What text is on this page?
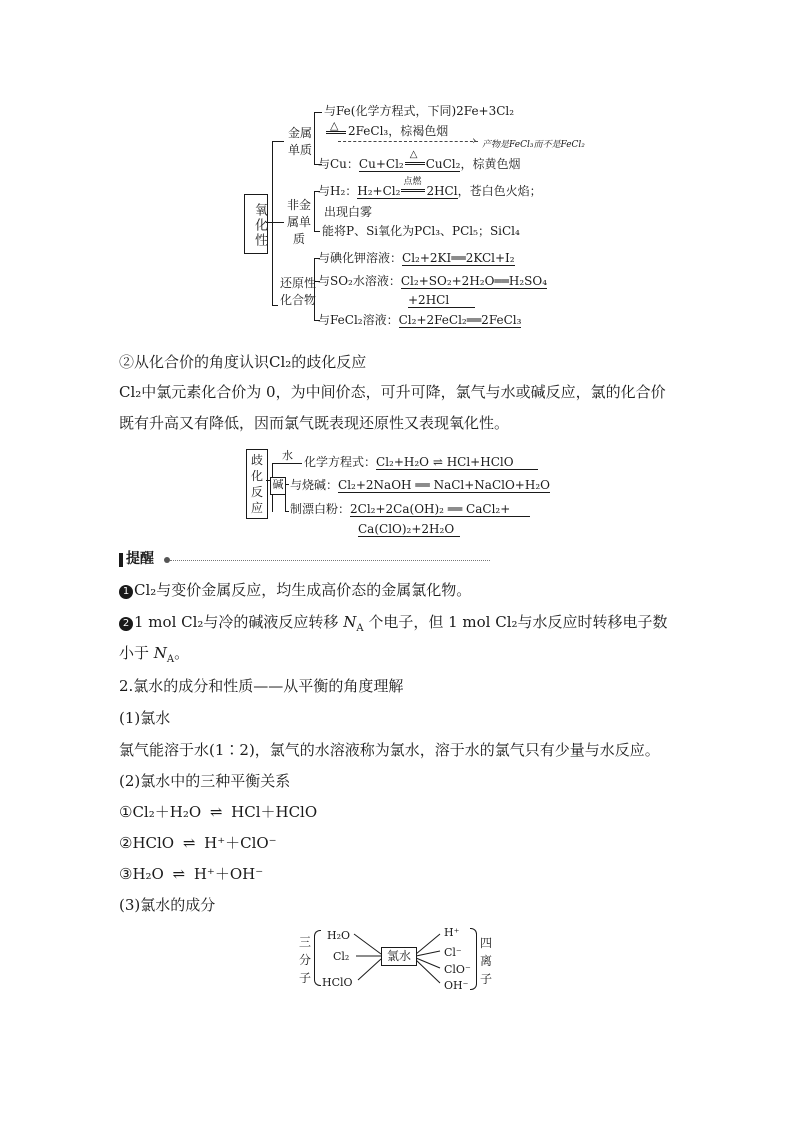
氧化性
金属单质
与Fe(化学方程式，下同)2Fe+3Cl₂
△ 2FeCl₃，棕褐色烟
› 产物是FeCl₃而不是FeCl₂
与Cu：Cu+Cl₂
△
CuCl₂，棕黄色烟
非金属单质
与H₂：H₂+Cl₂
点燃
2HCl，苍白色火焰；
出现白雾
能将P、Si氧化为PCl₃、PCl₅；SiCl₄
还原性化合物
与碘化钾溶液：Cl₂+2KI══2KCl+I₂
与SO₂水溶液：Cl₂+SO₂+2H₂O══H₂SO₄
+2HCl
与FeCl₂溶液：Cl₂+2FeCl₂══2FeCl₃
②从化合价的角度认识Cl₂的歧化反应
Cl₂中氯元素化合价为 0，为中间价态，可升可降，氯气与水或碱反应，氯的化合价既有升高又有降低，因而氯气既表现还原性又表现氧化性。
歧化反应
水
碱
化学方程式：Cl₂+H₂O ⇌ HCl+HClO
与烧碱：Cl₂+2NaOH ══ NaCl+NaClO+H₂O
制漂白粉：2Cl₂+2Ca(OH)₂ ══ CaCl₂+
Ca(ClO)₂+2H₂O
提醒
1 Cl₂与变价金属反应，均生成高价态的金属氯化物。
2 1 mol Cl₂与冷的碱液反应转移 $N_A$ 个电子，但 1 mol Cl₂与水反应时转移电子数
小于 $N_A$。
2.氯水的成分和性质——从平衡的角度理解
(1)氯水
氯气能溶于水(1∶2)，氯气的水溶液称为氯水，溶于水的氯气只有少量与水反应。
(2)氯水中的三种平衡关系
①Cl₂＋H₂O ⇌ HCl＋HClO
②HClO ⇌ H⁺＋ClO⁻
③H₂O ⇌ H⁺＋OH⁻
(3)氯水的成分
三分子
H₂O
Cl₂
HClO
氯水
H⁺
Cl⁻
ClO⁻
OH⁻
四离子
